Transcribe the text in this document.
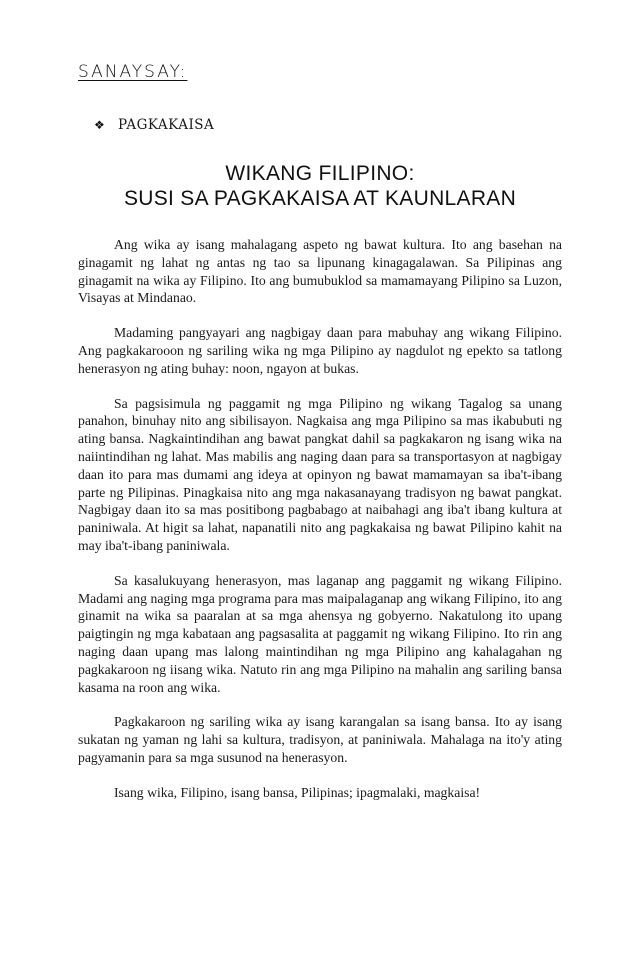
SANAYSAY:
❖ PAGKAKAISA
WIKANG FILIPINO:
SUSI SA PAGKAKAISA AT KAUNLARAN

Ang wika ay isang mahalagang aspeto ng bawat kultura. Ito ang basehan na ginagamit ng lahat ng antas ng tao sa lipunang kinagagalawan. Sa Pilipinas ang ginagamit na wika ay Filipino. Ito ang bumubuklod sa mamamayang Pilipino sa Luzon, Visayas at Mindanao.

Madaming pangyayari ang nagbigay daan para mabuhay ang wikang Filipino. Ang pagkakarooon ng sariling wika ng mga Pilipino ay nagdulot ng epekto sa tatlong henerasyon ng ating buhay: noon, ngayon at bukas.

Sa pagsisimula ng paggamit ng mga Pilipino ng wikang Tagalog sa unang panahon, binuhay nito ang sibilisayon. Nagkaisa ang mga Pilipino sa mas ikabubuti ng ating bansa. Nagkaintindihan ang bawat pangkat dahil sa pagkakaron ng isang wika na naiintindihan ng lahat. Mas mabilis ang naging daan para sa transportasyon at nagbigay daan ito para mas dumami ang ideya at opinyon ng bawat mamamayan sa iba't-ibang parte ng Pilipinas. Pinagkaisa nito ang mga nakasanayang tradisyon ng bawat pangkat. Nagbigay daan ito sa mas positibong pagbabago at naibahagi ang iba't ibang kultura at paniniwala. At higit sa lahat, napanatili nito ang pagkakaisa ng bawat Pilipino kahit na may iba't-ibang paniniwala.

Sa kasalukuyang henerasyon, mas laganap ang paggamit ng wikang Filipino. Madami ang naging mga programa para mas maipalaganap ang wikang Filipino, ito ang ginamit na wika sa paaralan at sa mga ahensya ng gobyerno. Nakatulong ito upang paigtingin ng mga kabataan ang pagsasalita at paggamit ng wikang Filipino. Ito rin ang naging daan upang mas lalong maintindihan ng mga Pilipino ang kahalagahan ng pagkakaroon ng iisang wika. Natuto rin ang mga Pilipino na mahalin ang sariling bansa kasama na roon ang wika.

Pagkakaroon ng sariling wika ay isang karangalan sa isang bansa. Ito ay isang sukatan ng yaman ng lahi sa kultura, tradisyon, at paniniwala. Mahalaga na ito'y ating pagyamanin para sa mga susunod na henerasyon.

Isang wika, Filipino, isang bansa, Pilipinas; ipagmalaki, magkaisa!
